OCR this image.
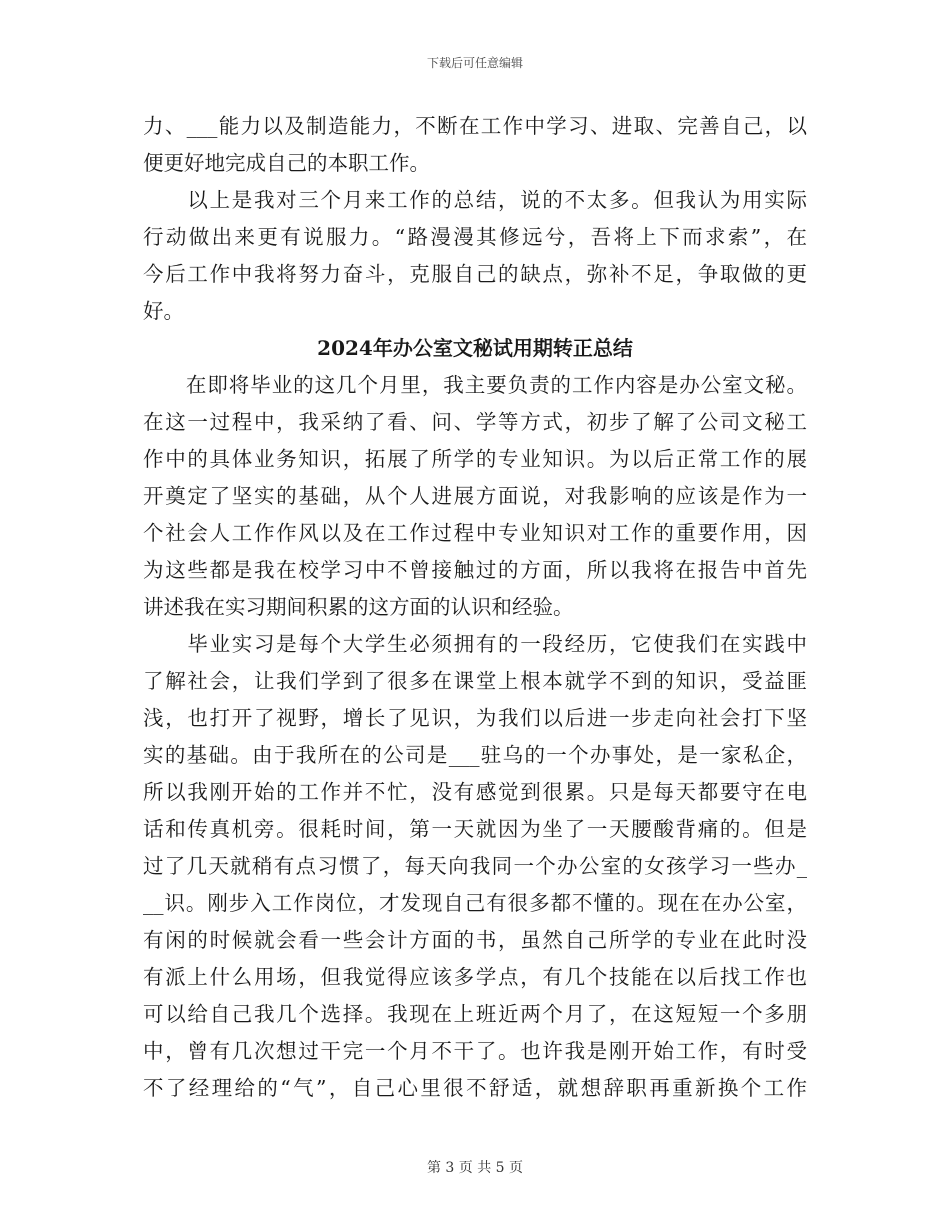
下载后可任意编辑
力、___能力以及制造能力，不断在工作中学习、进取、完善自己，以
便更好地完成自己的本职工作。
　　以上是我对三个月来工作的总结，说的不太多。但我认为用实际
行动做出来更有说服力。“路漫漫其修远兮，吾将上下而求索”，在
今后工作中我将努力奋斗，克服自己的缺点，弥补不足，争取做的更
好。
2024年办公室文秘试用期转正总结
　　在即将毕业的这几个月里，我主要负责的工作内容是办公室文秘。
在这一过程中，我采纳了看、问、学等方式，初步了解了公司文秘工
作中的具体业务知识，拓展了所学的专业知识。为以后正常工作的展
开奠定了坚实的基础，从个人进展方面说，对我影响的应该是作为一
个社会人工作作风以及在工作过程中专业知识对工作的重要作用，因
为这些都是我在校学习中不曾接触过的方面，所以我将在报告中首先
讲述我在实习期间积累的这方面的认识和经验。
　　毕业实习是每个大学生必须拥有的一段经历，它使我们在实践中
了解社会，让我们学到了很多在课堂上根本就学不到的知识，受益匪
浅，也打开了视野，增长了见识，为我们以后进一步走向社会打下坚
实的基础。由于我所在的公司是___驻乌的一个办事处，是一家私企，
所以我刚开始的工作并不忙，没有感觉到很累。只是每天都要守在电
话和传真机旁。很耗时间，第一天就因为坐了一天腰酸背痛的。但是
过了几天就稍有点习惯了，每天向我同一个办公室的女孩学习一些办_
__识。刚步入工作岗位，才发现自己有很多都不懂的。现在在办公室，
有闲的时候就会看一些会计方面的书，虽然自己所学的专业在此时没
有派上什么用场，但我觉得应该多学点，有几个技能在以后找工作也
可以给自己我几个选择。我现在上班近两个月了，在这短短一个多朋
中，曾有几次想过干完一个月不干了。也许我是刚开始工作，有时受
不了经理给的“气”，自己心里很不舒适，就想辞职再重新换个工作
第 3 页 共 5 页
